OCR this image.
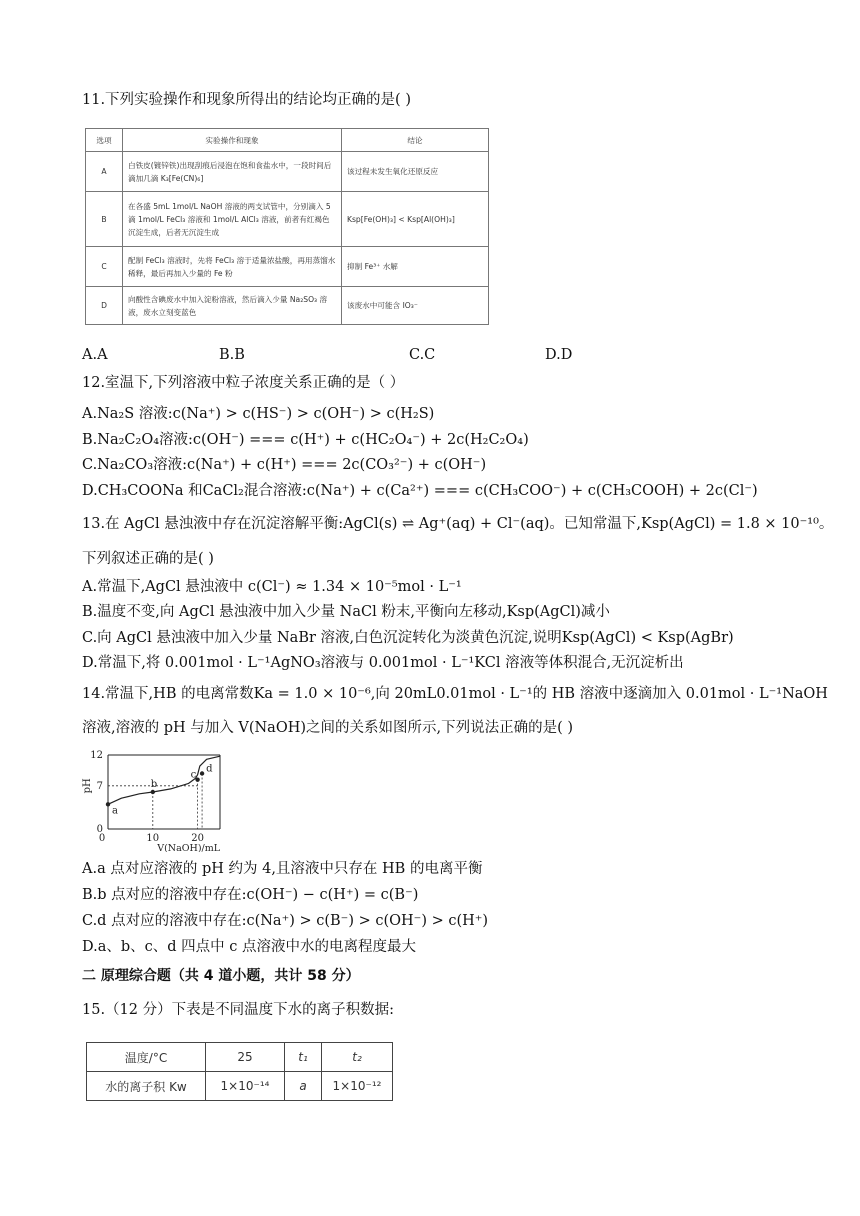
11.下列实验操作和现象所得出的结论均正确的是( )
选项	实验操作和现象	结论
A	白铁皮(镀锌铁)出现刮痕后浸泡在饱和食盐水中，一段时间后滴加几滴 K₃[Fe(CN)₆]	该过程未发生氧化还原反应
B	在各盛 5mL 1mol/L NaOH 溶液的两支试管中，分别滴入 5滴 1mol/L FeCl₃ 溶液和 1mol/L AlCl₃ 溶液，前者有红褐色沉淀生成，后者无沉淀生成	Ksp[Fe(OH)₃] < Ksp[Al(OH)₃]
C	配制 FeCl₃ 溶液时，先将 FeCl₃ 溶于适量浓盐酸，再用蒸馏水稀释，最后再加入少量的 Fe 粉	抑制 Fe³⁺ 水解
D	向酸性含碘废水中加入淀粉溶液，然后滴入少量 Na₂SO₃ 溶液，废水立刻变蓝色	该废水中可能含 IO₃⁻
A.A	B.B	C.C	D.D
12.室温下,下列溶液中粒子浓度关系正确的是（ ）
A.Na₂S 溶液:c(Na⁺) > c(HS⁻) > c(OH⁻) > c(H₂S)
B.Na₂C₂O₄溶液:c(OH⁻) === c(H⁺) + c(HC₂O₄⁻) + 2c(H₂C₂O₄)
C.Na₂CO₃溶液:c(Na⁺) + c(H⁺) === 2c(CO₃²⁻) + c(OH⁻)
D.CH₃COONa 和CaCl₂混合溶液:c(Na⁺) + c(Ca²⁺) === c(CH₃COO⁻) + c(CH₃COOH) + 2c(Cl⁻)
13.在 AgCl 悬浊液中存在沉淀溶解平衡:AgCl(s) ⇌ Ag⁺(aq) + Cl⁻(aq)。已知常温下,Ksp(AgCl) = 1.8 × 10⁻¹⁰。
下列叙述正确的是( )
A.常温下,AgCl 悬浊液中 c(Cl⁻) ≈ 1.34 × 10⁻⁵mol · L⁻¹
B.温度不变,向 AgCl 悬浊液中加入少量 NaCl 粉末,平衡向左移动,Ksp(AgCl)减小
C.向 AgCl 悬浊液中加入少量 NaBr 溶液,白色沉淀转化为淡黄色沉淀,说明Ksp(AgCl) < Ksp(AgBr)
D.常温下,将 0.001mol · L⁻¹AgNO₃溶液与 0.001mol · L⁻¹KCl 溶液等体积混合,无沉淀析出
14.常温下,HB 的电离常数Ka = 1.0 × 10⁻⁶,向 20mL0.01mol · L⁻¹的 HB 溶液中逐滴加入 0.01mol · L⁻¹NaOH
溶液,溶液的 pH 与加入 V(NaOH)之间的关系如图所示,下列说法正确的是( )
0
7
12
0	10	20
pH
V(NaOH)/mL
a
b
c
d
A.a 点对应溶液的 pH 约为 4,且溶液中只存在 HB 的电离平衡
B.b 点对应的溶液中存在:c(OH⁻) − c(H⁺) = c(B⁻)
C.d 点对应的溶液中存在:c(Na⁺) > c(B⁻) > c(OH⁻) > c(H⁺)
D.a、b、c、d 四点中 c 点溶液中水的电离程度最大
二 原理综合题（共 4 道小题，共计 58 分）
15.（12 分）下表是不同温度下水的离子积数据:
温度/°C	25	t₁	t₂
水的离子积 Kw	1×10⁻¹⁴	a	1×10⁻¹²
